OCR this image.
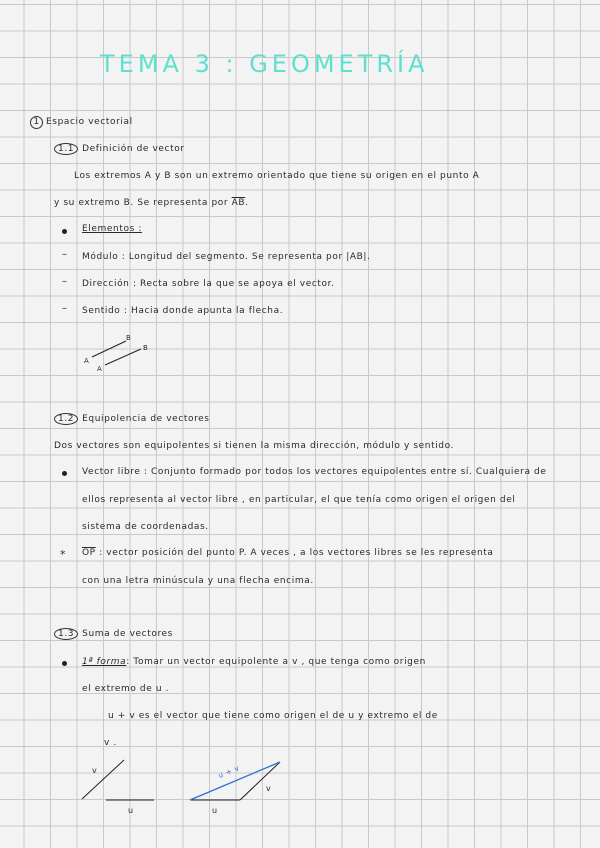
TEMA 3 : GEOMETRÍA
1 Espacio vectorial
1.1 Definición de vector
Los extremos A y B son un extremo orientado que tiene su origen en el punto A
y su extremo B. Se representa por $\overline{AB}$.
Elementos :
– Módulo : Longitud del segmento. Se representa por |AB|.
– Dirección : Recta sobre la que se apoya el vector.
– Sentido : Hacia donde apunta la flecha.
B
B
A
A
1.2 Equipolencia de vectores
Dos vectores son equipolentes si tienen la misma dirección, módulo y sentido.
Vector libre : Conjunto formado por todos los vectores equipolentes entre sí. Cualquiera de
ellos representa al vector libre , en particular, el que tenía como origen el origen del
sistema de coordenadas.
* $\overline{OP}$ : vector posición del punto P. A veces , a los vectores libres se les representa
con una letra minúscula y una flecha encima.
1.3 Suma de vectores
1ª forma: Tomar un vector equipolente a v , que tenga como origen
el extremo de u .
u + v es el vector que tiene como origen el de u y extremo el de
v .
v
u
u + v
v
u
